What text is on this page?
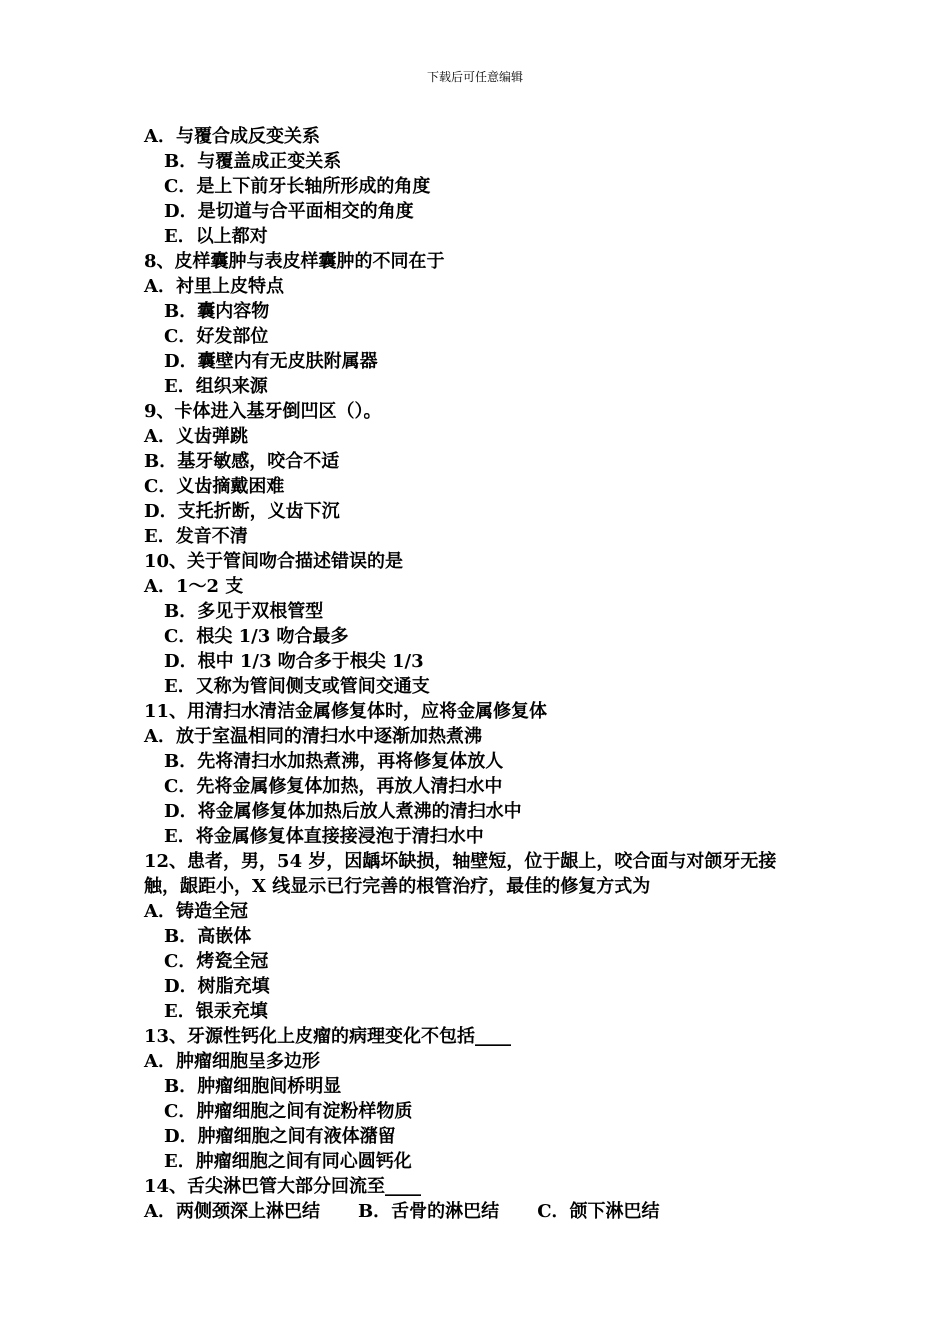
下载后可任意编辑
A．与覆合成反变关系
B．与覆盖成正变关系
C．是上下前牙长轴所形成的角度
D．是切道与合平面相交的角度
E．以上都对
8、皮样囊肿与表皮样囊肿的不同在于
A．衬里上皮特点
B．囊内容物
C．好发部位
D．囊壁内有无皮肤附属器
E．组织来源
9、卡体进入基牙倒凹区（）。
A．义齿弹跳
B．基牙敏感，咬合不适
C．义齿摘戴困难
D．支托折断，义齿下沉
E．发音不清
10、关于管间吻合描述错误的是
A．1～2 支
B．多见于双根管型
C．根尖 1/3 吻合最多
D．根中 1/3 吻合多于根尖 1/3
E．又称为管间侧支或管间交通支
11、用清扫水清洁金属修复体时，应将金属修复体
A．放于室温相同的清扫水中逐渐加热煮沸
B．先将清扫水加热煮沸，再将修复体放人
C．先将金属修复体加热，再放人清扫水中
D．将金属修复体加热后放人煮沸的清扫水中
E．将金属修复体直接接浸泡于清扫水中
12、患者，男，54 岁，因龋坏缺损，轴壁短，位于龈上，咬合面与对颌牙无接
触，龈距小，X 线显示已行完善的根管治疗，最佳的修复方式为
A．铸造全冠
B．高嵌体
C．烤瓷全冠
D．树脂充填
E．银汞充填
13、牙源性钙化上皮瘤的病理变化不包括____
A．肿瘤细胞呈多边形
B．肿瘤细胞间桥明显
C．肿瘤细胞之间有淀粉样物质
D．肿瘤细胞之间有液体潴留
E．肿瘤细胞之间有同心圆钙化
14、舌尖淋巴管大部分回流至____
A．两侧颈深上淋巴结 B．舌骨的淋巴结 C．颌下淋巴结
